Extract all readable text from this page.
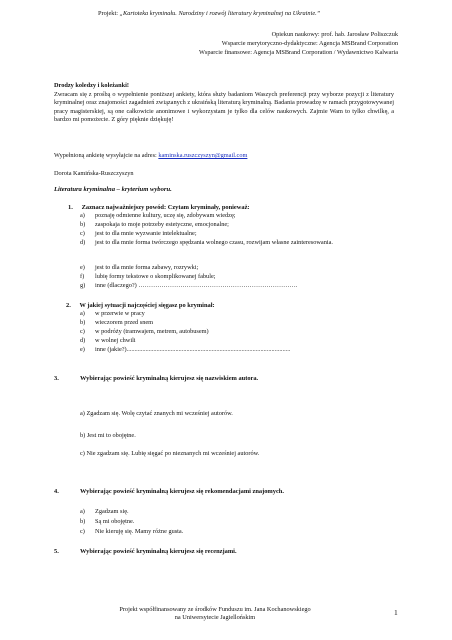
Projekt: „Kartoteka kryminału. Narodziny i rozwój literatury kryminalnej na Ukrainie.”
Opiekun naukowy: prof. hab. Jarosław Poliszczuk
Wsparcie merytoryczno-dydaktyczne: Agencja MSBrand Corporation
Wsparcie finansowe: Agencja MSBrand Corporation / Wydawnictwo Kalwaria
Drodzy koledzy i koleżanki!
Zwracam się z prośbą o wypełnienie poniższej ankiety, która służy badaniom Waszych preferencji przy wyborze pozycji z literatury kryminalnej oraz znajomości zagadnień związanych z ukraińską literaturą kryminalną. Badania prowadzę w ramach przygotowywanej pracy magisterskiej, są one całkowicie anonimowe i wykorzystam je tylko dla celów naukowych. Zajmie Wam to tylko chwilkę, a bardzo mi pomożecie. Z góry pięknie dziękuję!
Wypełnioną ankietę wysyłajcie na adres: kaminska.ruszczyszyn@gmail.com
Dorota Kamińska-Ruszczyszyn
Literatura kryminalna – kryterium wyboru.
1. Zaznacz najważniejszy powód: Czytam kryminały, ponieważ:
a) poznaję odmienne kultury, uczę się, zdobywam wiedzę;
b) zaspokaja to moje potrzeby estetyczne, emocjonalne;
c) jest to dla mnie wyzwanie intelektualne;
d) jest to dla mnie forma twórczego spędzania wolnego czasu, rozwijam własne zainteresowania.
e) jest to dla mnie forma zabawy, rozrywki;
f) lubię formy tekstowe o skomplikowanej fabule;
g) inne (dlaczego?) ………………………………………………………………….
2. W jakiej sytuacji najczęściej sięgasz po kryminał:
a) w przerwie w pracy
b) wieczorem przed snem
c) w podróży (tramwajem, metrem, autobusem)
d) w wolnej chwili
e) inne (jakie?)........................................................................................................
3.	Wybierając powieść kryminalną kierujesz się nazwiskiem autora.
a) Zgadzam się. Wolę czytać znanych mi wcześniej autorów.
b) Jest mi to obojętne.
c) Nie zgadzam się. Lubię sięgać po nieznanych mi wcześniej autorów.
4.	Wybierając powieść kryminalną kierujesz się rekomendacjami znajomych.
a) Zgadzam się.
b) Są mi obojętne.
c) Nie kieruję się. Mamy różne gusta.
5.	Wybierając powieść kryminalną kierujesz się recenzjami.
Projekt współfinansowany ze środków Funduszu im. Jana Kochanowskiego
na Uniwersytecie Jagiellońskim
1
